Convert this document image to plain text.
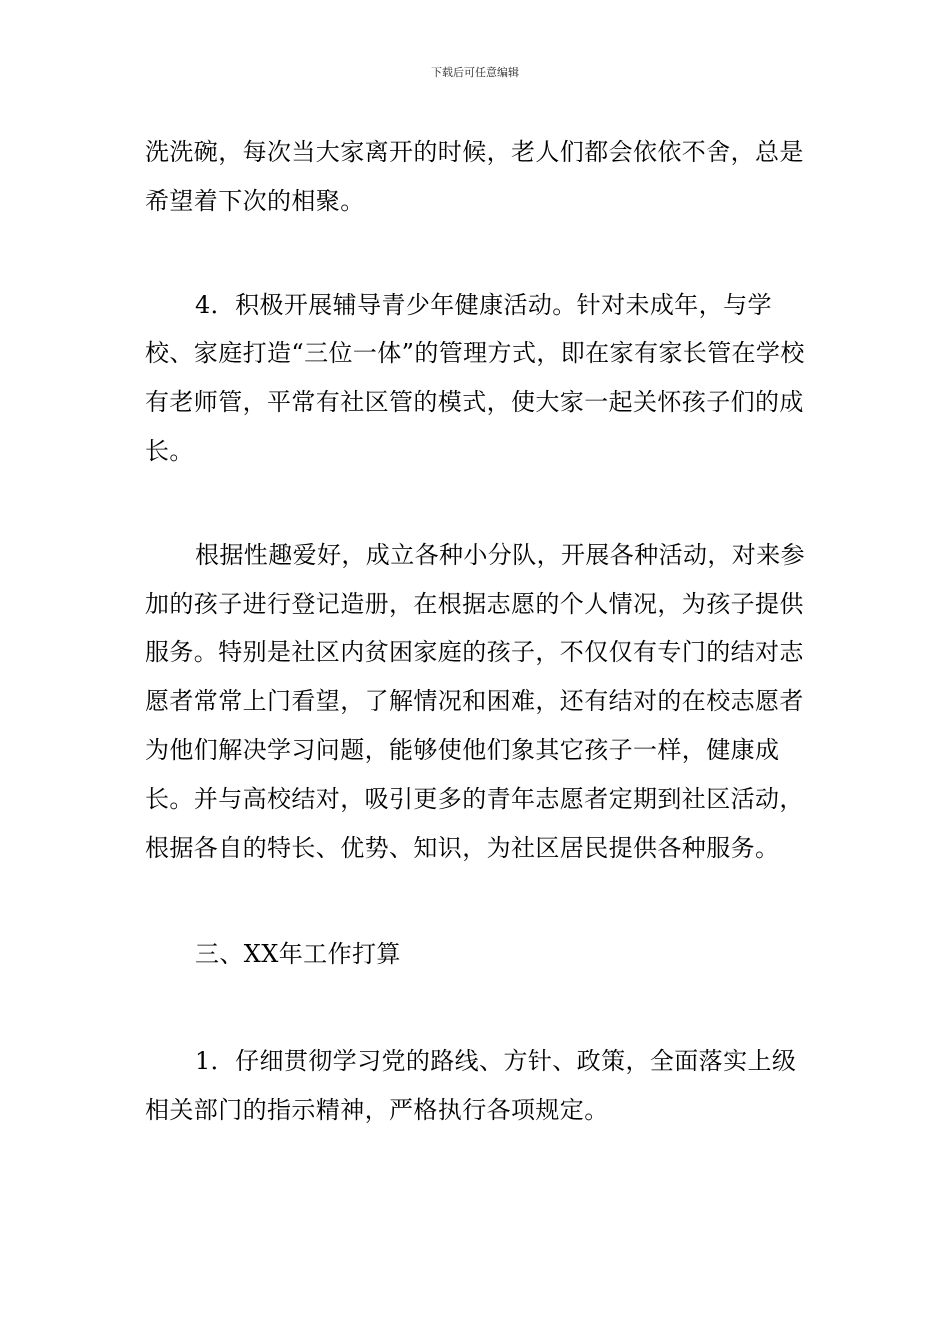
下载后可任意编辑

洗洗碗，每次当大家离开的时候，老人们都会依依不舍，总是希望着下次的相聚。

4．积极开展辅导青少年健康活动。针对未成年，与学校、家庭打造“三位一体”的管理方式，即在家有家长管在学校有老师管，平常有社区管的模式，使大家一起关怀孩子们的成长。

根据性趣爱好，成立各种小分队，开展各种活动，对来参加的孩子进行登记造册，在根据志愿的个人情况，为孩子提供服务。特别是社区内贫困家庭的孩子，不仅仅有专门的结对志愿者常常上门看望，了解情况和困难，还有结对的在校志愿者为他们解决学习问题，能够使他们象其它孩子一样，健康成长。并与高校结对，吸引更多的青年志愿者定期到社区活动，根据各自的特长、优势、知识，为社区居民提供各种服务。

三、XX年工作打算

1．仔细贯彻学习党的路线、方针、政策，全面落实上级相关部门的指示精神，严格执行各项规定。
